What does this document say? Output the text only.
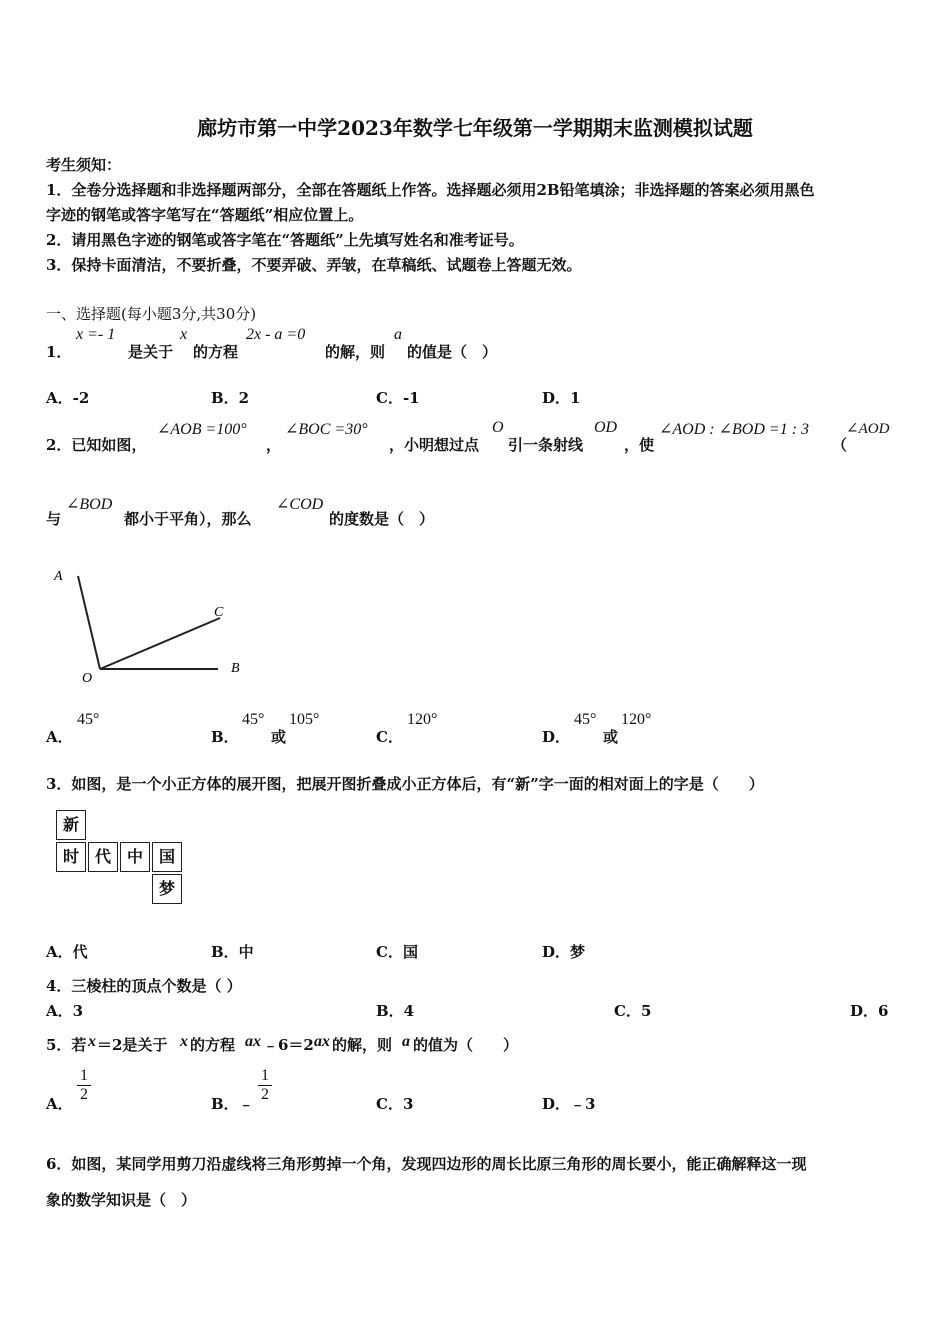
廊坊市第一中学2023年数学七年级第一学期期末监测模拟试题
考生须知：
1．全卷分选择题和非选择题两部分，全部在答题纸上作答。选择题必须用2B铅笔填涂；非选择题的答案必须用黑色
字迹的钢笔或答字笔写在“答题纸”相应位置上。
2．请用黑色字迹的钢笔或答字笔在“答题纸”上先填写姓名和准考证号。
3．保持卡面清洁，不要折叠，不要弄破、弄皱，在草稿纸、试题卷上答题无效。
一、选择题(每小题3分,共30分)
1．
x =- 1
是关于
x
的方程
2x - a =0
的解，则
a
的值是（　）
A．-2	B．2	C．-1	D．1
2．已知如图，
∠AOB =100°
，
∠BOC =30°
，小明想过点
O
引一条射线
OD
，使
∠AOD : ∠BOD =1 : 3
（
∠AOD
与
∠BOD
都小于平角），那么
∠COD
的度数是（　）
A
C
O
B
A．
45°
B．
45°
或
105°
C．
120°
D．
45°
或
120°
3．如图，是一个小正方体的展开图，把展开图折叠成小正方体后，有“新”字一面的相对面上的字是（　　）
新
时 代 中 国
梦
A．代	B．中	C．国	D．梦
4．三棱柱的顶点个数是（ ）
A．3	B．4	C．5	D．6
5．若 x ＝2是关于 x 的方程 ax ﹣6＝2 ax 的解，则 a 的值为（　　）
A．
1
2
B．﹣
1
2
C．3	D．﹣3
6．如图，某同学用剪刀沿虚线将三角形剪掉一个角，发现四边形的周长比原三角形的周长要小，能正确解释这一现
象的数学知识是（　）
